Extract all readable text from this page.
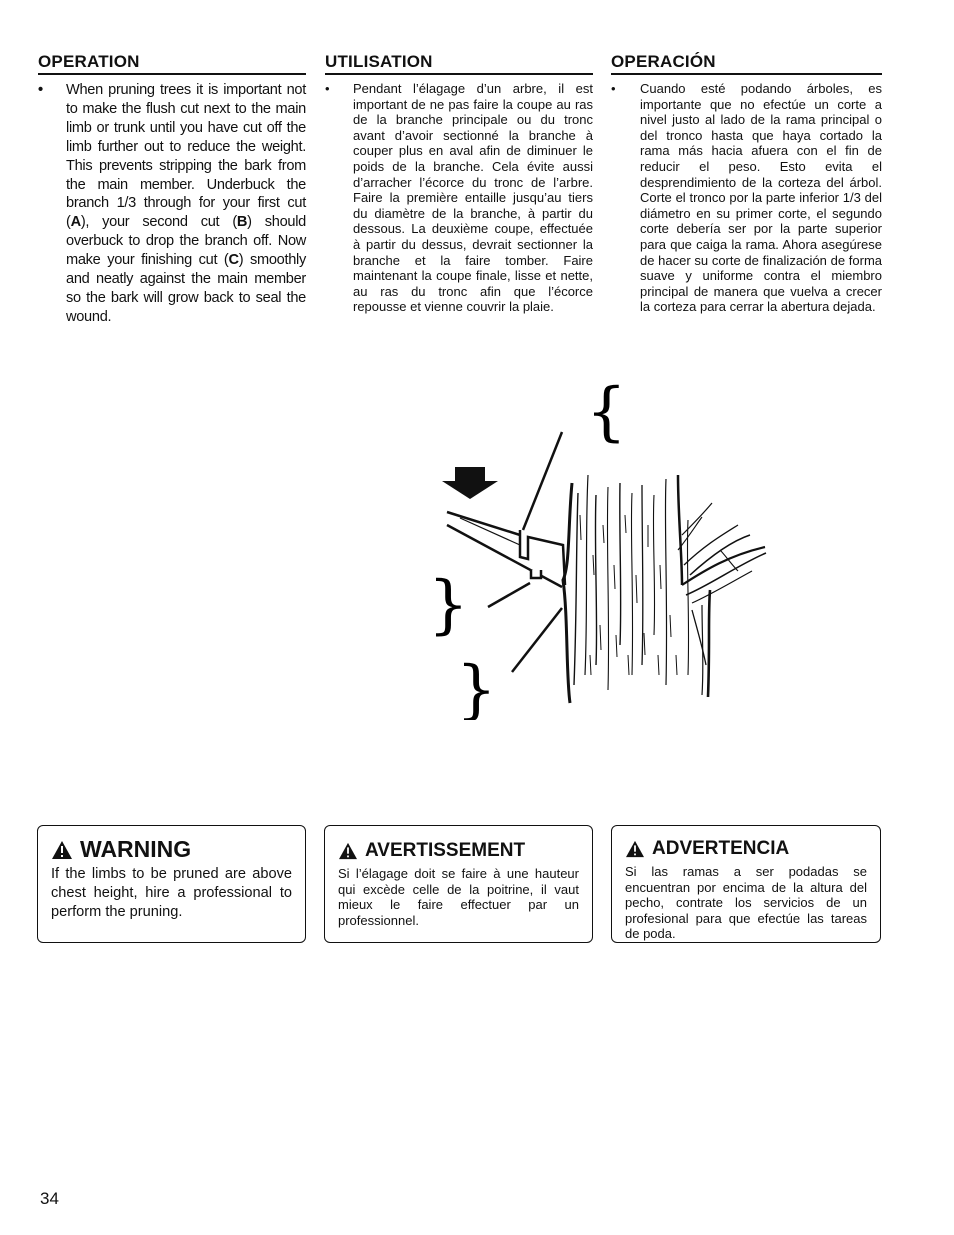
OPERATION
• When pruning trees it is important not to make the flush cut next to the main limb or trunk until you have cut off the limb further out to reduce the weight. This prevents stripping the bark from the main member. Underbuck the branch 1/3 through for your first cut (A), your second cut (B) should overbuck to drop the branch off. Now make your finishing cut (C) smoothly and neatly against the main member so the bark will grow back to seal the wound.
UTILISATION
• Pendant l’élagage d’un arbre, il est important de ne pas faire la coupe au ras de la branche principale ou du tronc avant d’avoir sectionné la branche à couper plus en aval afin de diminuer le poids de la branche. Cela évite aussi d’arracher l’écorce du tronc de l’arbre. Faire la première entaille jusqu’au tiers du diamètre de la branche, à partir du dessous. La deuxième coupe, effectuée à partir du dessus, devrait sectionner la branche et la faire tomber. Faire maintenant la coupe finale, lisse et nette, au ras du tronc afin que l’écorce repousse et vienne couvrir la plaie.
OPERACIÓN
• Cuando esté podando árboles, es importante que no efectúe un corte a nivel justo al lado de la rama principal o del tronco hasta que haya cortado la rama más hacia afuera con el fin de reducir el peso. Esto evita el desprendimiento de la corteza del árbol. Corte el tronco por la parte inferior 1/3 del diámetro en su primer corte, el segundo corte debería ser por la parte superior para que caiga la rama. Ahora asegúrese de hacer su corte de finalización de forma suave y uniforme contra el miembro principal de manera que vuelva a crecer la corteza para cerrar la abertura dejada.
{
}
}
WARNING
If the limbs to be pruned are above chest height, hire a professional to perform the pruning.
AVERTISSEMENT
Si l’élagage doit se faire à une hauteur qui excède celle de la poitrine, il vaut mieux le faire effectuer par un professionnel.
ADVERTENCIA
Si las ramas a ser podadas se encuentran por encima de la altura del pecho, contrate los servicios de un profesional para que efectúe las tareas de poda.
34
